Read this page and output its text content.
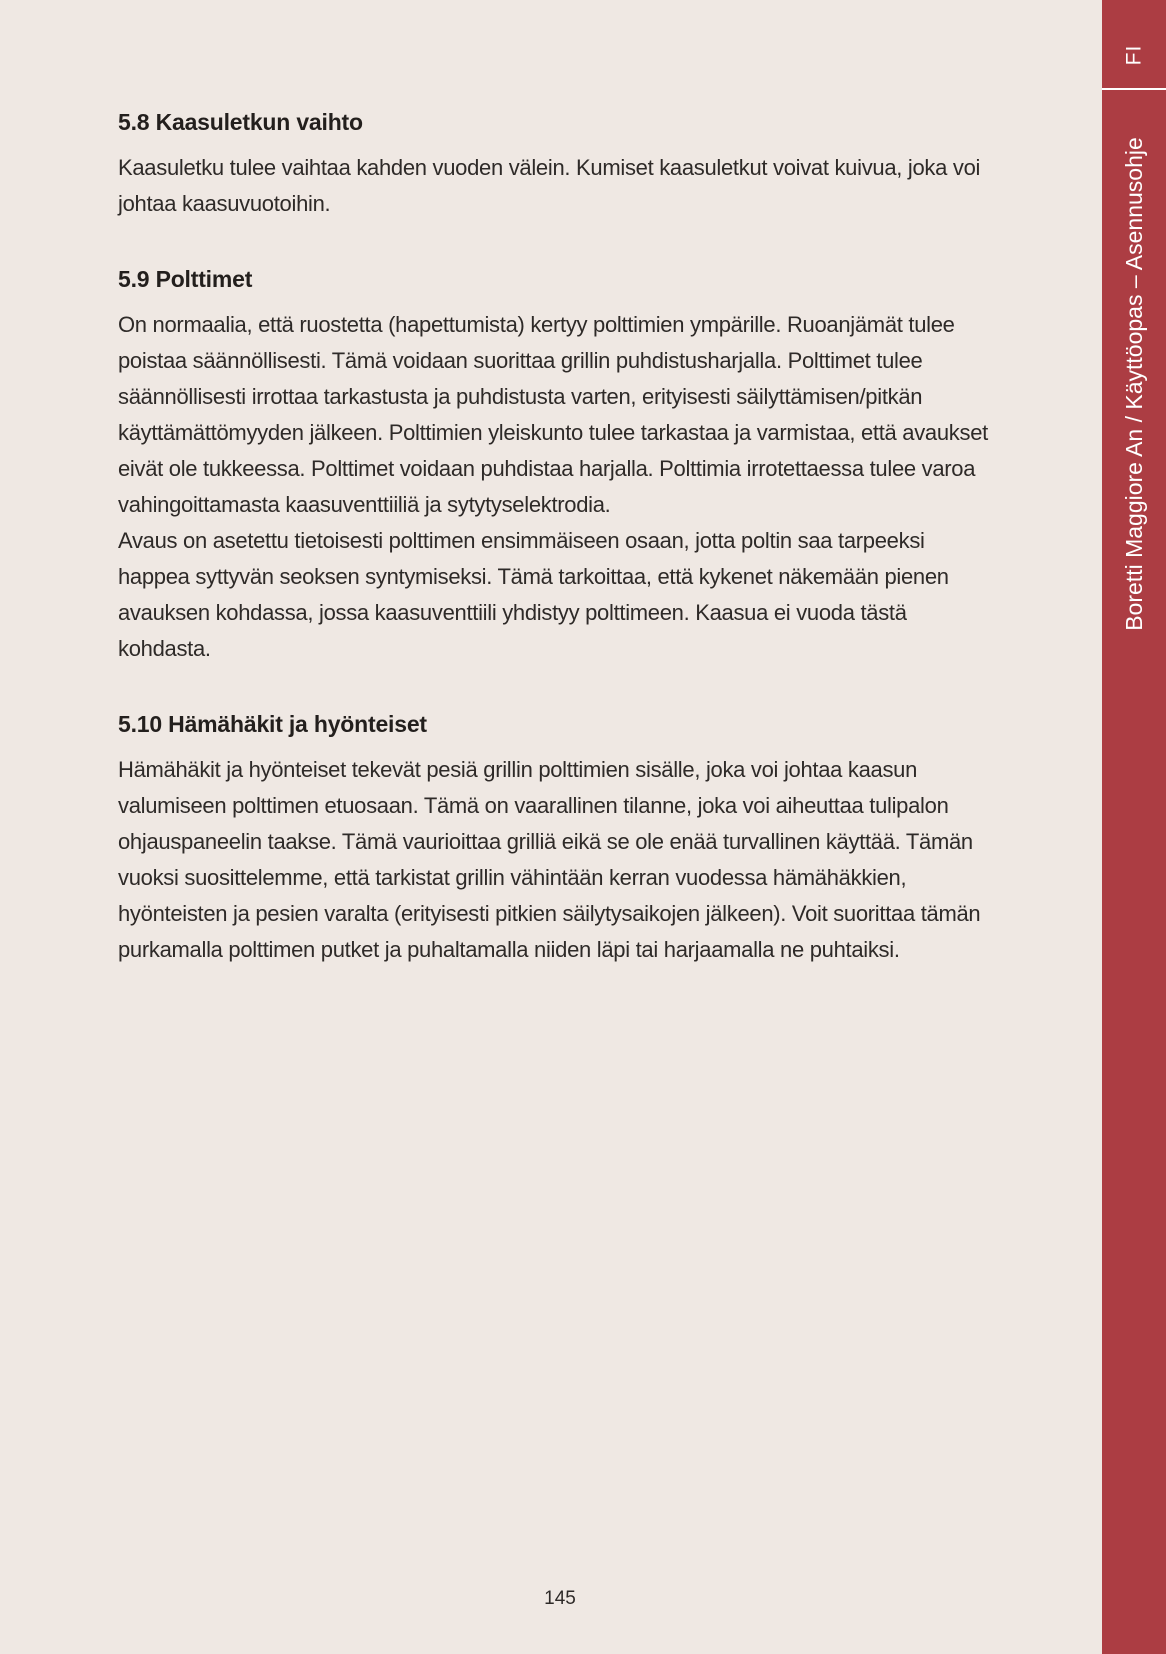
5.8 Kaasuletkun vaihto

Kaasuletku tulee vaihtaa kahden vuoden välein. Kumiset kaasuletkut voivat kuivua, joka voi johtaa kaasuvuotoihin.

5.9 Polttimet

On normaalia, että ruostetta (hapettumista) kertyy polttimien ympärille. Ruoanjämät tulee poistaa säännöllisesti. Tämä voidaan suorittaa grillin puhdistusharjalla. Polttimet tulee säännöllisesti irrottaa tarkastusta ja puhdistusta varten, erityisesti säilyttämisen/pitkän käyttämättömyyden jälkeen. Polttimien yleiskunto tulee tarkastaa ja varmistaa, että avaukset eivät ole tukkeessa. Polttimet voidaan puhdistaa harjalla. Polttimia irrotettaessa tulee varoa vahingoittamasta kaasuventtiiliä ja sytytyselektrodia.

Avaus on asetettu tietoisesti polttimen ensimmäiseen osaan, jotta poltin saa tarpeeksi happea syttyvän seoksen syntymiseksi. Tämä tarkoittaa, että kykenet näkemään pienen avauksen kohdassa, jossa kaasuventtiili yhdistyy polttimeen. Kaasua ei vuoda tästä kohdasta.

5.10 Hämähäkit ja hyönteiset

Hämähäkit ja hyönteiset tekevät pesiä grillin polttimien sisälle, joka voi johtaa kaasun valumiseen polttimen etuosaan. Tämä on vaarallinen tilanne, joka voi aiheuttaa tulipalon ohjauspaneelin taakse. Tämä vaurioittaa grilliä eikä se ole enää turvallinen käyttää. Tämän vuoksi suosittelemme, että tarkistat grillin vähintään kerran vuodessa hämähäkkien, hyönteisten ja pesien varalta (erityisesti pitkien säilytysaikojen jälkeen). Voit suorittaa tämän purkamalla polttimen putket ja puhaltamalla niiden läpi tai harjaamalla ne puhtaiksi.

145
FI
Boretti Maggiore An / Käyttöopas – Asennusohje
